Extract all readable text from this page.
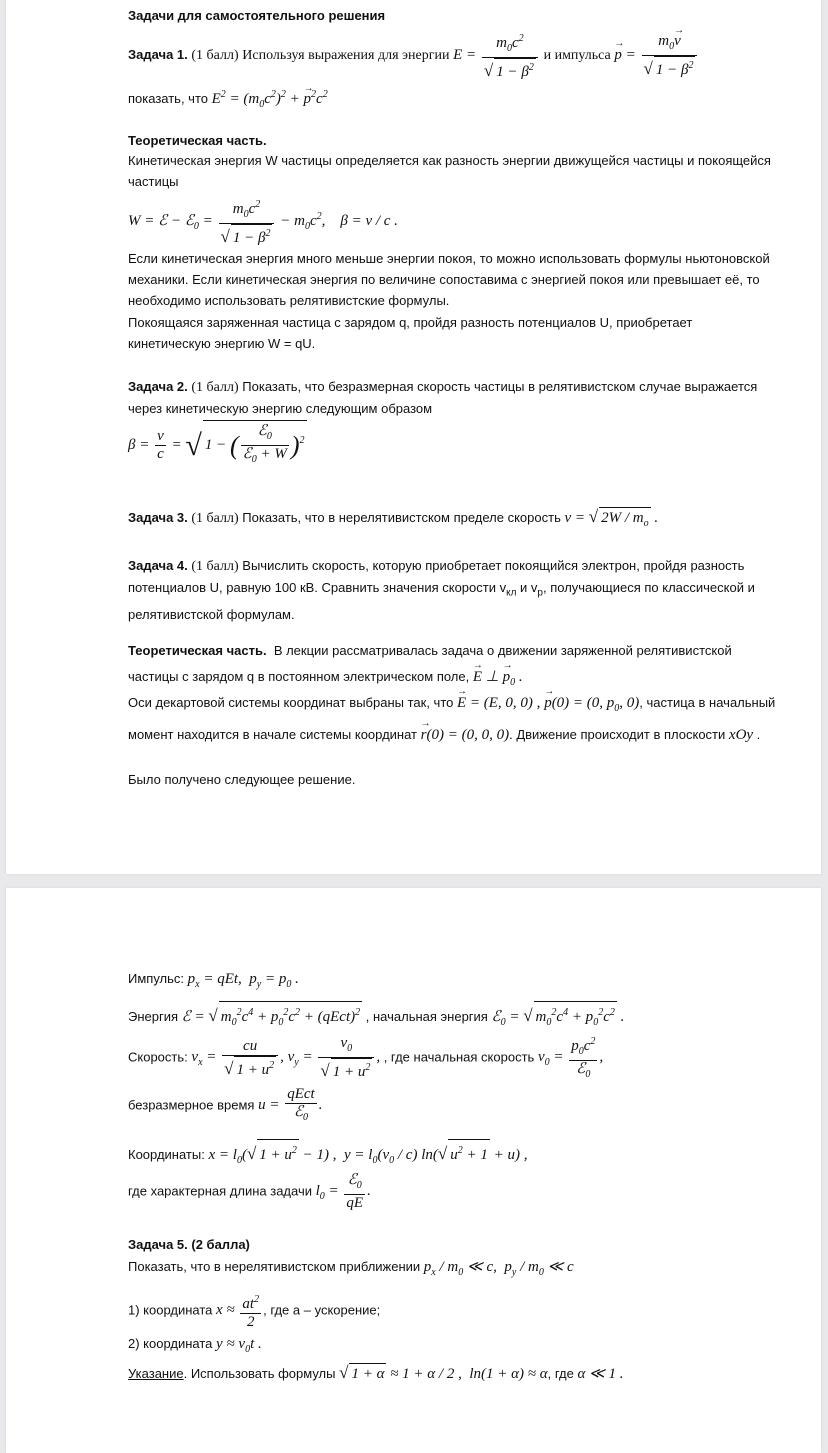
Задачи для самостоятельного решения
Задача 1. (1 балл) Используя выражения для энергии $E = \frac{m_0c^2}{√ 1 - \beta^2}$ и импульса → $p = \frac{m_0\to v}{√ 1 - \beta^2}$
показать, что $E^2 = (m_0c^2)^2$ + → $p^2c^2$
Теоретическая часть.
Кинетическая энергия W частицы определяется как разность энергии движущейся частицы и покоящейся частицы
W = ℰ − ℰ$_0$ = $\frac{m_0c^2}{√ 1 - \beta^2} - m_0c^2$,    β = v / c .
Если кинетическая энергия много меньше энергии покоя, то можно использовать формулы ньютоновской механики. Если кинетическая энергия по величине сопоставима с энергией покоя или превышает её, то необходимо использовать релятивистские формулы.
Покоящаяся заряженная частица с зарядом q, пройдя разность потенциалов U, приобретает кинетическую энергию W = qU.
Задача 2. (1 балл) Показать, что безразмерная скорость частицы в релятивистском случае выражается через кинетическую энергию следующим образом
$\beta = \frac{v}{c}$ = √ 1 − ( $\frac{ℰ_0}{ℰ_0 + W} )^2$
Задача 3. (1 балл) Показать, что в нерелятивистском пределе скорость v = √ $2W / m_o$ .
Задача 4. (1 балл) Вычислить скорость, которую приобретает покоящийся электрон, пройдя разность потенциалов U, равную 100 кВ. Сравнить значения скорости $v_{кл}$ и $v_р$, получающиеся по классической и релятивистской формулам.
Теоретическая часть. В лекции рассматривалась задача о движении заряженной релятивистской частицы с зарядом q в постоянном электрическом поле, → E ⊥ → $p_0$ .
Оси декартовой системы координат выбраны так, что → E = (E, 0, 0) , → p(0) = (0, $p_0$, 0), частица в начальный момент находится в начале системы координат → r(0) = (0, 0, 0). Движение происходит в плоскости xOy .
Было получено следующее решение.
Импульс: $p_x$ = qEt,  $p_y = p_0$ .
Энергия ℰ = √ $m_0^2c^4 + p_0^2c^2$ + (qEct)$^2$ , начальная энергия ℰ$_0$ = √ $m_0^2c^4 + p_0^2c^2$ .
Скорость: $v_x = \frac{cu}{√ 1 + u^2}$ , $v_y = \frac{v_0}{√ 1 + u^2}$ , , где начальная скорость $v_0 = \frac{p_0c^2}{ℰ_0}$ ,
безразмерное время $u = \frac{\text{qEct}}{ℰ_0}$ .
Координаты: $x = l_0(√$ $1 + u^2 - 1$) ,  $y = l_0(v_0 / c)$ ln(√ $u^2 + 1 + u$) ,
где характерная длина задачи $l_0 = \frac{ℰ_0}{qE}$ .
Задача 5. (2 балла)
Показать, что в нерелятивистском приближении $p_x / m_0$ ≪ c,  $p_y / m_0$ ≪ c
1) координата $x \approx \frac{at^2}{2}$ , где a – ускорение;
2) координата $y \approx v_0t$ .
Указание. Использовать формулы √ 1 + α ≈ 1 + α / 2 ,  ln(1 + α) ≈ α, где α ≪ 1 .
